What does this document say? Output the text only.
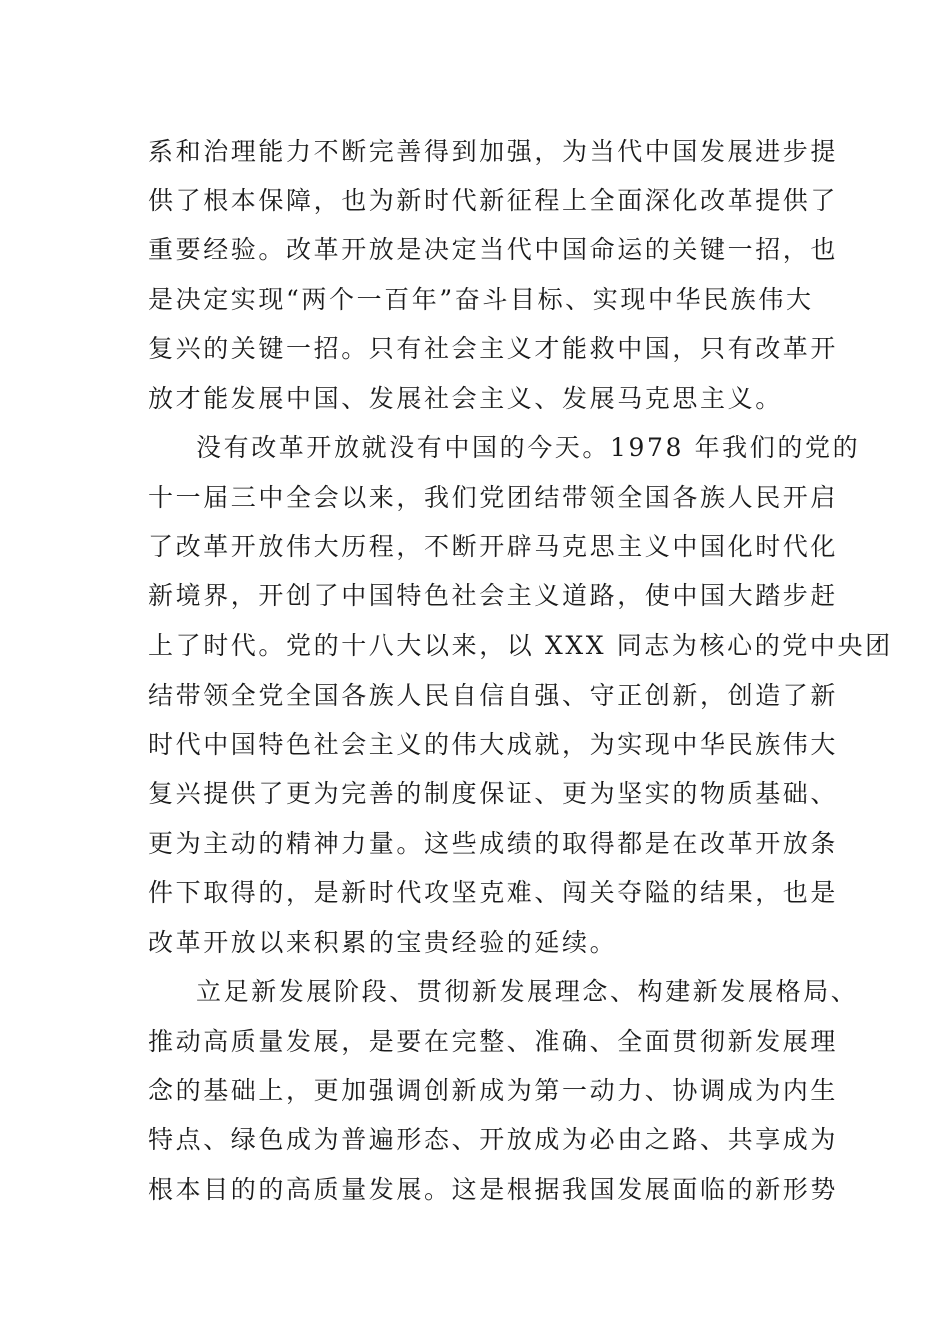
系和治理能力不断完善得到加强，为当代中国发展进步提
供了根本保障，也为新时代新征程上全面深化改革提供了
重要经验。改革开放是决定当代中国命运的关键一招，也
是决定实现“两个一百年”奋斗目标、实现中华民族伟大
复兴的关键一招。只有社会主义才能救中国，只有改革开
放才能发展中国、发展社会主义、发展马克思主义。
没有改革开放就没有中国的今天。1978 年我们的党的
十一届三中全会以来，我们党团结带领全国各族人民开启
了改革开放伟大历程，不断开辟马克思主义中国化时代化
新境界，开创了中国特色社会主义道路，使中国大踏步赶
上了时代。党的十八大以来，以 XXX 同志为核心的党中央团
结带领全党全国各族人民自信自强、守正创新，创造了新
时代中国特色社会主义的伟大成就，为实现中华民族伟大
复兴提供了更为完善的制度保证、更为坚实的物质基础、
更为主动的精神力量。这些成绩的取得都是在改革开放条
件下取得的，是新时代攻坚克难、闯关夺隘的结果，也是
改革开放以来积累的宝贵经验的延续。
立足新发展阶段、贯彻新发展理念、构建新发展格局、
推动高质量发展，是要在完整、准确、全面贯彻新发展理
念的基础上，更加强调创新成为第一动力、协调成为内生
特点、绿色成为普遍形态、开放成为必由之路、共享成为
根本目的的高质量发展。这是根据我国发展面临的新形势
